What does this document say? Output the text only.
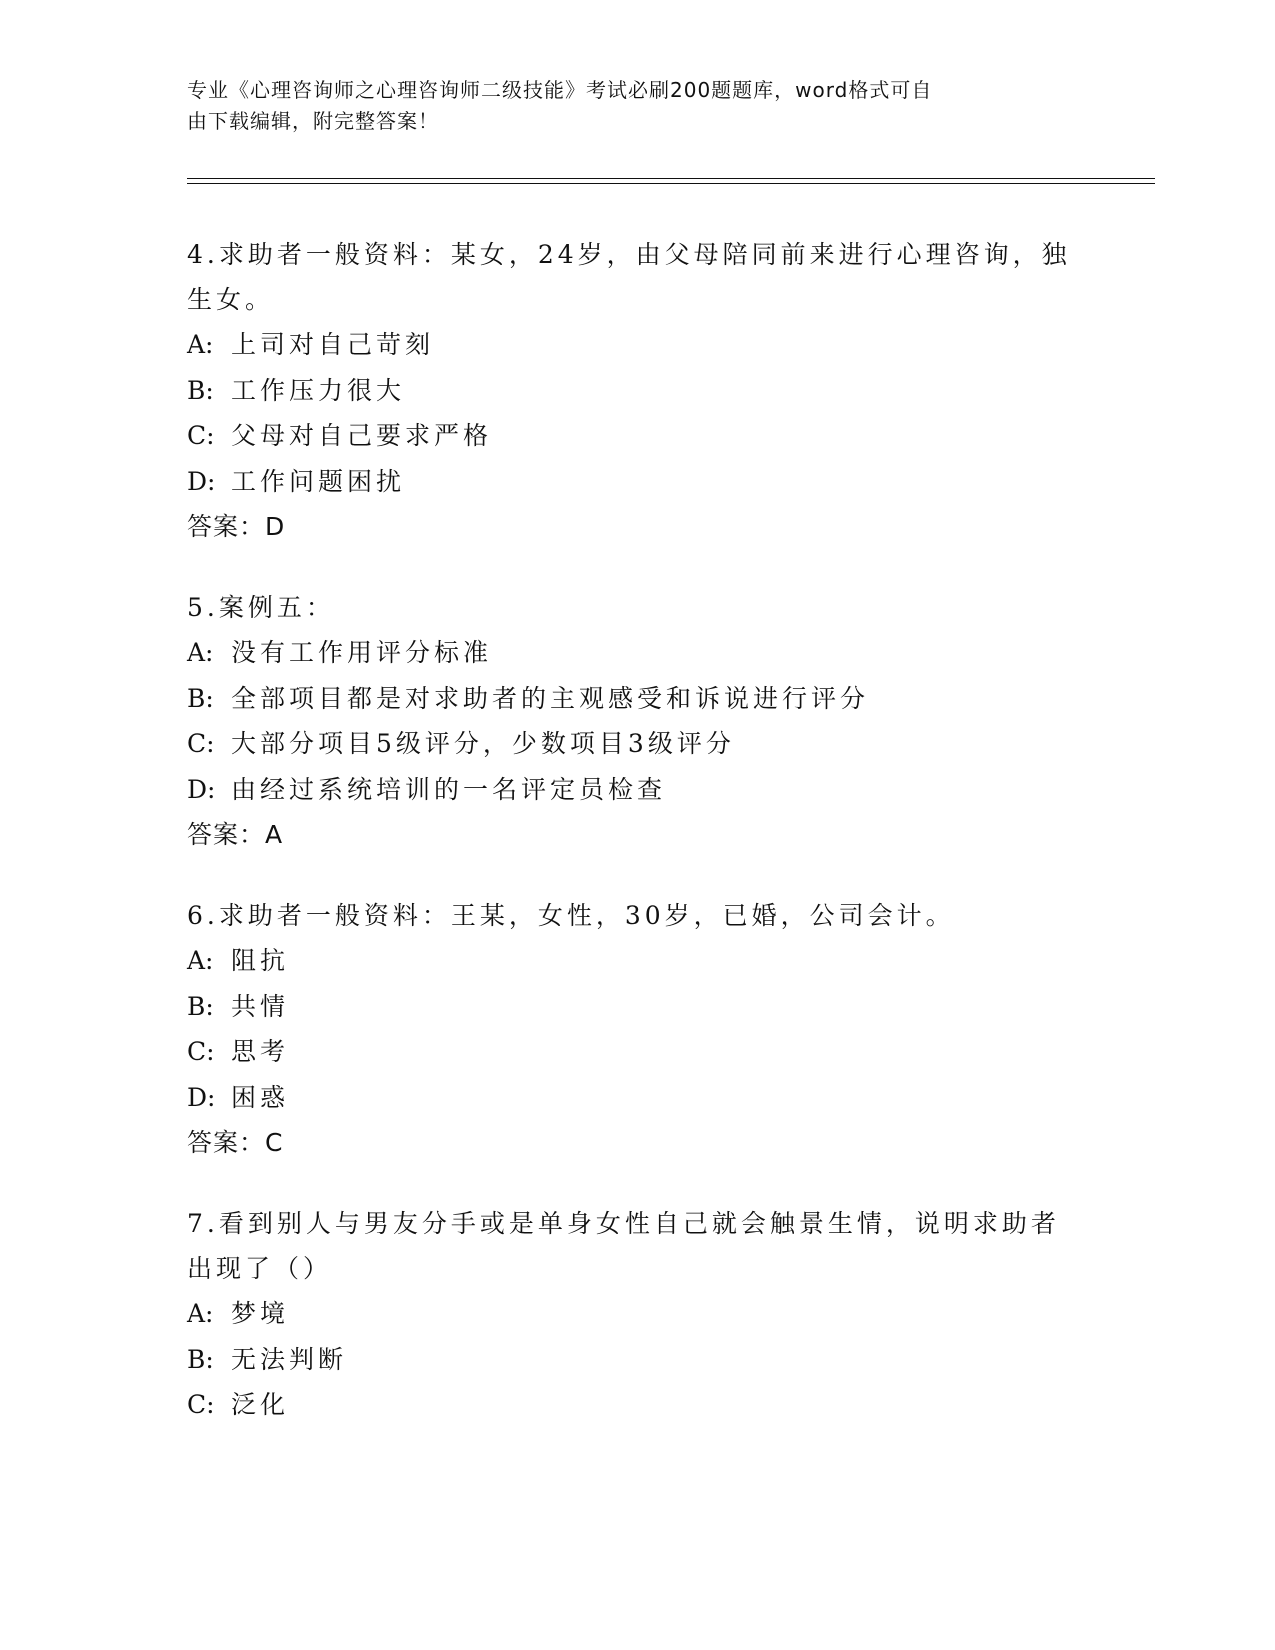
专业《心理咨询师之心理咨询师二级技能》考试必刷200题题库，word格式可自
由下载编辑，附完整答案！

4.求助者一般资料：某女，24岁，由父母陪同前来进行心理咨询，独

生女。

A: 上司对自己苛刻

B: 工作压力很大

C: 父母对自己要求严格

D: 工作问题困扰

答案：D

5.案例五：

A: 没有工作用评分标准

B: 全部项目都是对求助者的主观感受和诉说进行评分

C: 大部分项目5级评分，少数项目3级评分

D: 由经过系统培训的一名评定员检查

答案：A

6.求助者一般资料：王某，女性，30岁，已婚，公司会计。

A: 阻抗

B: 共情

C: 思考

D: 困惑

答案：C

7.看到别人与男友分手或是单身女性自己就会触景生情，说明求助者

出现了（）

A: 梦境

B: 无法判断

C: 泛化
